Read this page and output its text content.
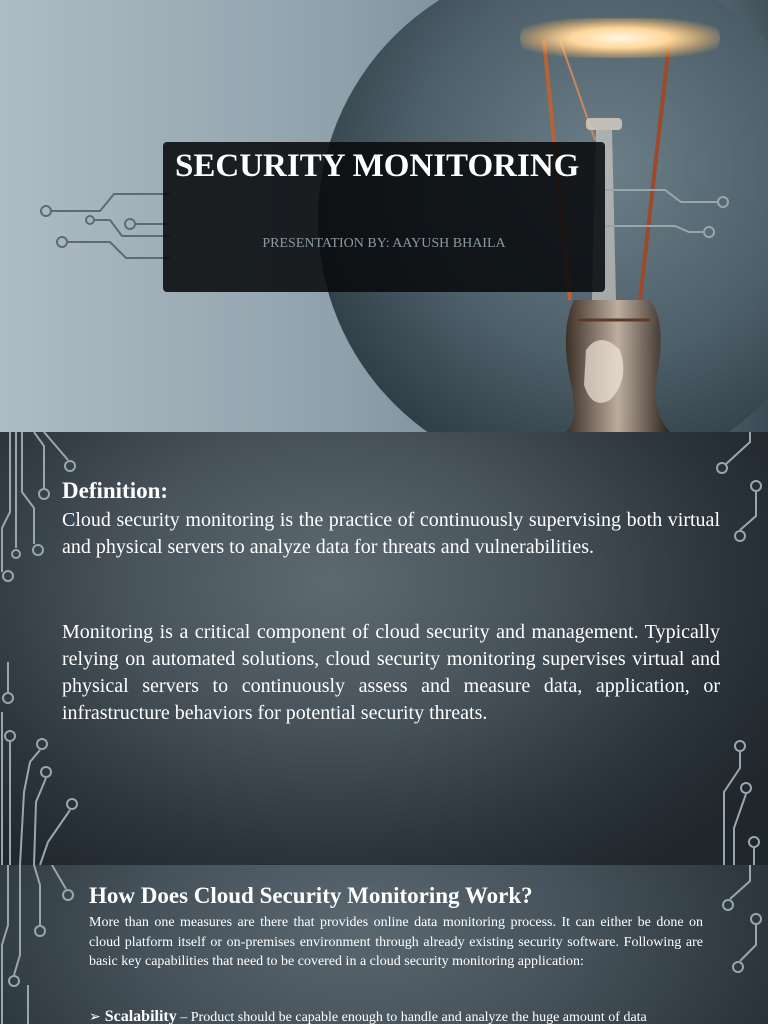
SECURITY MONITORING
PRESENTATION BY: AAYUSH BHAILA
Definition:

Cloud security monitoring is the practice of continuously supervising both virtual and physical servers to analyze data for threats and vulnerabilities.

Monitoring is a critical component of cloud security and management. Typically relying on automated solutions, cloud security monitoring supervises virtual and physical servers to continuously assess and measure data, application, or infrastructure behaviors for potential security threats.

How Does Cloud Security Monitoring Work?

More than one measures are there that provides online data monitoring process. It can either be done on cloud platform itself or on-premises environment through already existing security software. Following are basic key capabilities that need to be covered in a cloud security monitoring application:

➢ Scalability – Product should be capable enough to handle and analyze the huge amount of data
